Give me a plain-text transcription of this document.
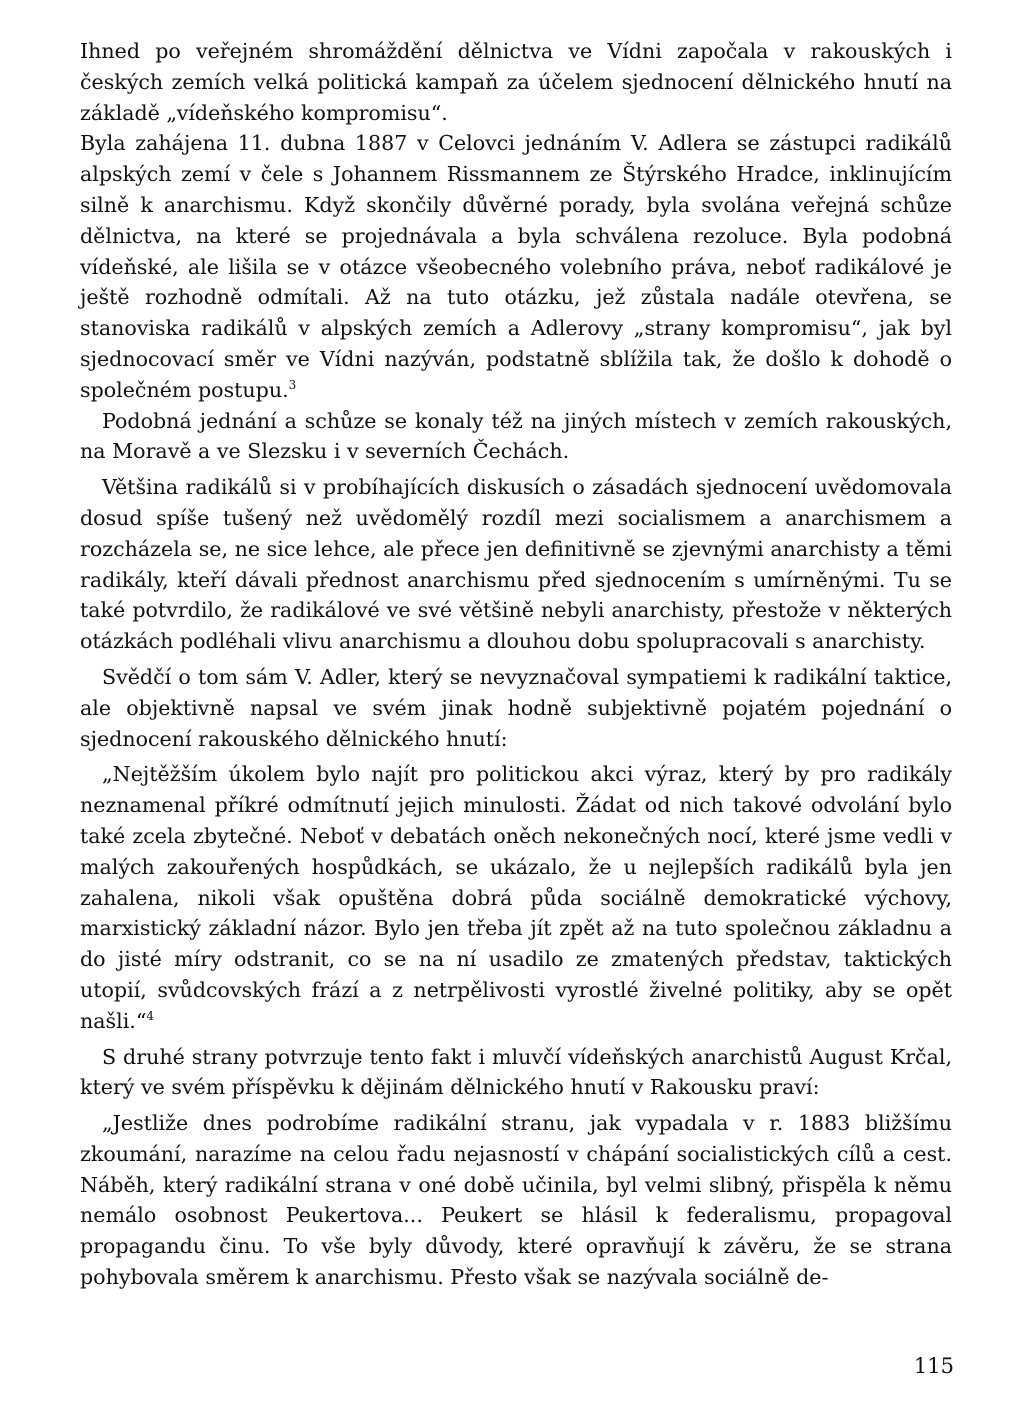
Ihned po veřejném shromáždění dělnictva ve Vídni započala v rakouských i českých zemích velká politická kampaň za účelem sjednocení dělnického hnutí na základě „vídeňského kompromisu“.

Byla zahájena 11. dubna 1887 v Celovci jednáním V. Adlera se zástupci radikálů alpských zemí v čele s Johannem Rissmannem ze Štýrského Hradce, inklinujícím silně k anarchismu. Když skončily důvěrné porady, byla svolána veřejná schůze dělnictva, na které se projednávala a byla schválena rezoluce. Byla podobná vídeňské, ale lišila se v otázce všeobecného volebního práva, neboť radikálové je ještě rozhodně odmítali. Až na tuto otázku, jež zůstala nadále otevřena, se stanoviska radikálů v alpských zemích a Adlerovy „strany kompromisu“, jak byl sjednocovací směr ve Vídni nazýván, podstatně sblížila tak, že došlo k dohodě o společném postupu.$^3$

Podobná jednání a schůze se konaly též na jiných místech v zemích rakouských, na Moravě a ve Slezsku i v severních Čechách.

Většina radikálů si v probíhajících diskusích o zásadách sjednocení uvědomovala dosud spíše tušený než uvědomělý rozdíl mezi socialismem a anarchismem a rozcházela se, ne sice lehce, ale přece jen definitivně se zjevnými anarchisty a těmi radikály, kteří dávali přednost anarchismu před sjednocením s umírněnými. Tu se také potvrdilo, že radikálové ve své většině nebyli anarchisty, přestože v některých otázkách podléhali vlivu anarchismu a dlouhou dobu spolupracovali s anarchisty.

Svědčí o tom sám V. Adler, který se nevyznačoval sympatiemi k radikální taktice, ale objektivně napsal ve svém jinak hodně subjektivně pojatém pojednání o sjednocení rakouského dělnického hnutí:

„Nejtěžším úkolem bylo najít pro politickou akci výraz, který by pro radikály neznamenal příkré odmítnutí jejich minulosti. Žádat od nich takové odvolání bylo také zcela zbytečné. Neboť v debatách oněch nekonečných nocí, které jsme vedli v malých zakouřených hospůdkách, se ukázalo, že u nejlepších radikálů byla jen zahalena, nikoli však opuštěna dobrá půda sociálně demokratické výchovy, marxistický základní názor. Bylo jen třeba jít zpět až na tuto společnou základnu a do jisté míry odstranit, co se na ní usadilo ze zmatených představ, taktických utopií, svůdcovských frází a z netrpělivosti vyrostlé živelné politiky, aby se opět našli.“$^4$

S druhé strany potvrzuje tento fakt i mluvčí vídeňských anarchistů August Krčal, který ve svém příspěvku k dějinám dělnického hnutí v Rakousku praví:

„Jestliže dnes podrobíme radikální stranu, jak vypadala v r. 1883 bližšímu zkoumání, narazíme na celou řadu nejasností v chápání socialistických cílů a cest. Náběh, který radikální strana v oné době učinila, byl velmi slibný, přispěla k němu nemálo osobnost Peukertova... Peukert se hlásil k federalismu, propagoval propagandu činu. To vše byly důvody, které opravňují k závěru, že se strana pohybovala směrem k anarchismu. Přesto však se nazývala sociálně de-

115
